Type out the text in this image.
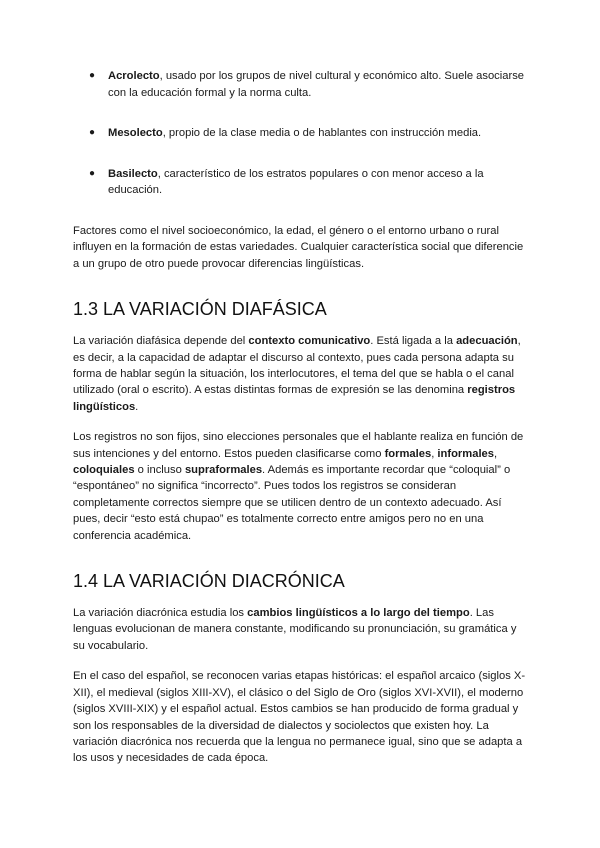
● Acrolecto, usado por los grupos de nivel cultural y económico alto. Suele asociarse con la educación formal y la norma culta.
● Mesolecto, propio de la clase media o de hablantes con instrucción media.
● Basilecto, característico de los estratos populares o con menor acceso a la educación.

Factores como el nivel socioeconómico, la edad, el género o el entorno urbano o rural influyen en la formación de estas variedades. Cualquier característica social que diferencie a un grupo de otro puede provocar diferencias lingüísticas.

1.3 LA VARIACIÓN DIAFÁSICA

La variación diafásica depende del contexto comunicativo. Está ligada a la adecuación, es decir, a la capacidad de adaptar el discurso al contexto, pues cada persona adapta su forma de hablar según la situación, los interlocutores, el tema del que se habla o el canal utilizado (oral o escrito). A estas distintas formas de expresión se las denomina registros lingüísticos.

Los registros no son fijos, sino elecciones personales que el hablante realiza en función de sus intenciones y del entorno. Estos pueden clasificarse como formales, informales, coloquiales o incluso supraformales. Además es importante recordar que “coloquial” o “espontáneo” no significa “incorrecto”. Pues todos los registros se consideran completamente correctos siempre que se utilicen dentro de un contexto adecuado. Así pues, decir “esto está chupao” es totalmente correcto entre amigos pero no en una conferencia académica.

1.4 LA VARIACIÓN DIACRÓNICA

La variación diacrónica estudia los cambios lingüísticos a lo largo del tiempo. Las lenguas evolucionan de manera constante, modificando su pronunciación, su gramática y su vocabulario.

En el caso del español, se reconocen varias etapas históricas: el español arcaico (siglos X-XII), el medieval (siglos XIII-XV), el clásico o del Siglo de Oro (siglos XVI-XVII), el moderno (siglos XVIII-XIX) y el español actual. Estos cambios se han producido de forma gradual y son los responsables de la diversidad de dialectos y sociolectos que existen hoy. La variación diacrónica nos recuerda que la lengua no permanece igual, sino que se adapta a los usos y necesidades de cada época.
